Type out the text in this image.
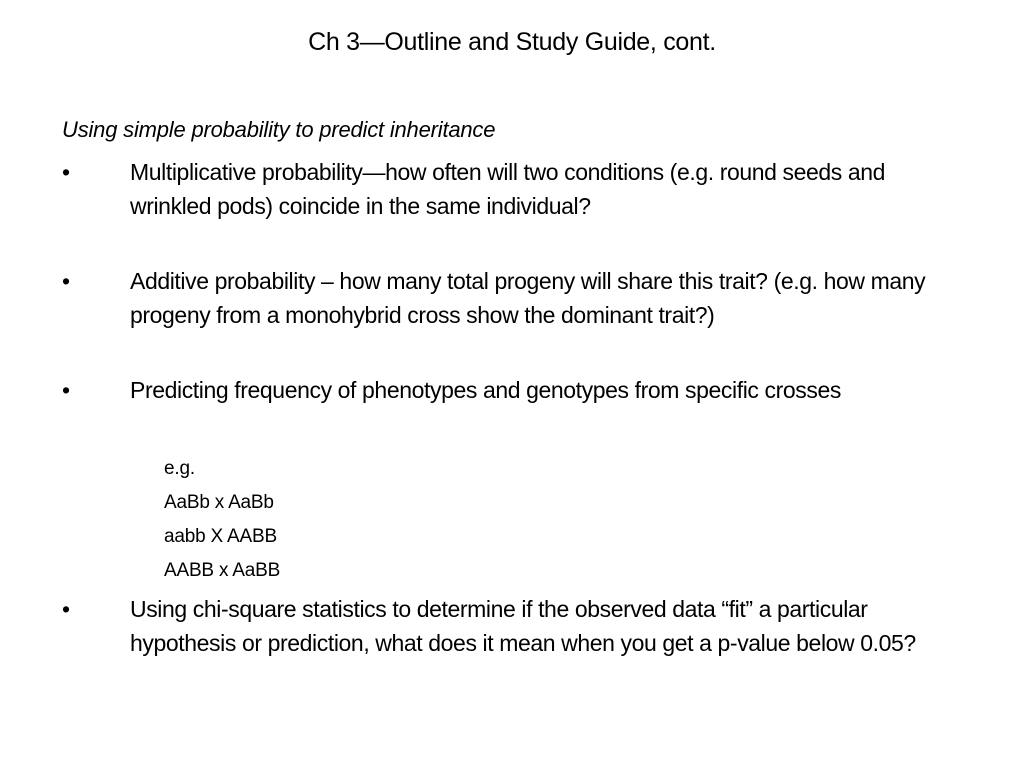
Ch 3—Outline and Study Guide, cont.
Using simple probability to predict inheritance
•	Multiplicative probability—how often will two conditions (e.g. round seeds and wrinkled pods) coincide in the same individual?
•	Additive probability – how many total progeny will share this trait? (e.g. how many progeny from a monohybrid cross show the dominant trait?)
•	Predicting frequency of phenotypes and genotypes from specific crosses
e.g.
AaBb x AaBb
aabb X AABB
AABB x AaBB
•	Using chi-square statistics to determine if the observed data “fit” a particular hypothesis or prediction, what does it mean when you get a p-value below 0.05?
